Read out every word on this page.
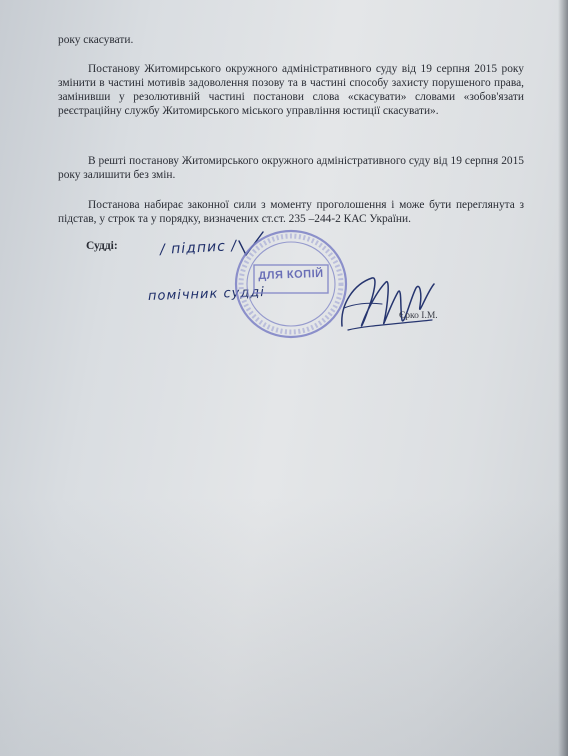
року скасувати.

Постанову Житомирського окружного адміністративного суду від 19 серпня 2015 року змінити в частині мотивів задоволення позову та в частині способу захисту порушеного права, замінивши у резолютивній частині постанови слова «скасувати» словами «зобов'язати реєстраційну службу Житомирського міського управління юстиції скасувати».

В решті постанову Житомирського окружного адміністративного суду від 19 серпня 2015 року залишити без змін.

Постанова набирає законної сили з моменту проголошення і може бути переглянута з підстав, у строк та у порядку, визначених ст.ст. 235 –244-2 КАС України.

Судді:	/ підпис /
помічник судді
ДЛЯ КОПІЙ
Єрко І.М.
